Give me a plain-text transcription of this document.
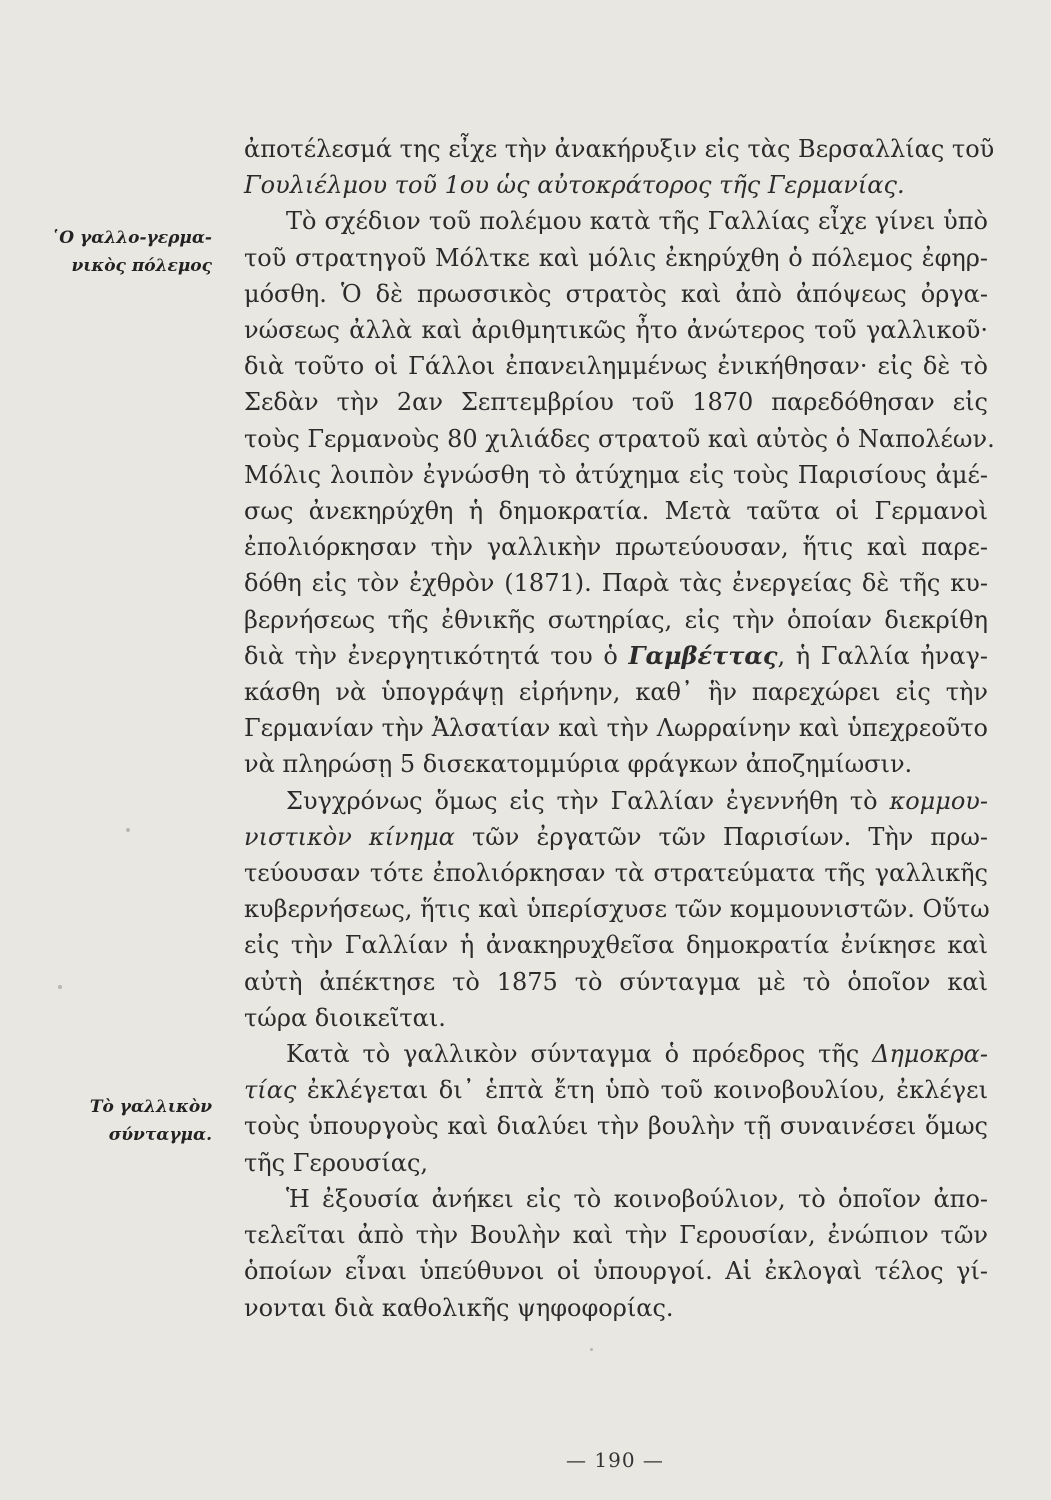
῾Ο γαλλο-γερμα-
νικὸς πόλεμος
Τὸ γαλλικὸν
σύνταγμα.
ἀποτέλεσμά της εἶχε τὴν ἀνακήρυξιν εἰς τὰς Βερσαλλίας τοῦ
Γουλιέλμου τοῦ 1ου ὡς αὐτοκράτορος τῆς Γερμανίας.
Τὸ σχέδιον τοῦ πολέμου κατὰ τῆς Γαλλίας εἶχε γίνει ὑπὸ
τοῦ στρατηγοῦ Μόλτκε καὶ μόλις ἐκηρύχθη ὁ πόλεμος ἐφηρ-
μόσθη. Ὁ δὲ πρωσσικὸς στρατὸς καὶ ἀπὸ ἀπόψεως ὀργα-
νώσεως ἀλλὰ καὶ ἀριθμητικῶς ἦτο ἀνώτερος τοῦ γαλλικοῦ·
διὰ τοῦτο οἱ Γάλλοι ἐπανειλημμένως ἐνικήθησαν· εἰς δὲ τὸ
Σεδὰν τὴν 2αν Σεπτεμβρίου τοῦ 1870 παρεδόθησαν εἰς
τοὺς Γερμανοὺς 80 χιλιάδες στρατοῦ καὶ αὐτὸς ὁ Ναπολέων.
Μόλις λοιπὸν ἐγνώσθη τὸ ἀτύχημα εἰς τοὺς Παρισίους ἀμέ-
σως ἀνεκηρύχθη ἡ δημοκρατία. Μετὰ ταῦτα οἱ Γερμανοὶ
ἐπολιόρκησαν τὴν γαλλικὴν πρωτεύουσαν, ἥτις καὶ παρε-
δόθη εἰς τὸν ἐχθρὸν (1871). Παρὰ τὰς ἐνεργείας δὲ τῆς κυ-
βερνήσεως τῆς ἐθνικῆς σωτηρίας, εἰς τὴν ὁποίαν διεκρίθη
διὰ τὴν ἐνεργητικότητά του ὁ Γαμβέττας, ἡ Γαλλία ἠναγ-
κάσθη νὰ ὑπογράψῃ εἰρήνην, καθ᾿ ἣν παρεχώρει εἰς τὴν
Γερμανίαν τὴν Ἀλσατίαν καὶ τὴν Λωρραίνην καὶ ὑπεχρεοῦτο
νὰ πληρώσῃ 5 δισεκατομμύρια φράγκων ἀποζημίωσιν.
Συγχρόνως ὅμως εἰς τὴν Γαλλίαν ἐγεννήθη τὸ κομμου-
νιστικὸν κίνημα τῶν ἐργατῶν τῶν Παρισίων. Τὴν πρω-
τεύουσαν τότε ἐπολιόρκησαν τὰ στρατεύματα τῆς γαλλικῆς
κυβερνήσεως, ἥτις καὶ ὑπερίσχυσε τῶν κομμουνιστῶν. Οὕτω
εἰς τὴν Γαλλίαν ἡ ἀνακηρυχθεῖσα δημοκρατία ἐνίκησε καὶ
αὐτὴ ἀπέκτησε τὸ 1875 τὸ σύνταγμα μὲ τὸ ὁποῖον καὶ
τώρα διοικεῖται.
Κατὰ τὸ γαλλικὸν σύνταγμα ὁ πρόεδρος τῆς Δημοκρα-
τίας ἐκλέγεται δι᾿ ἑπτὰ ἔτη ὑπὸ τοῦ κοινοβουλίου, ἐκλέγει
τοὺς ὑπουργοὺς καὶ διαλύει τὴν βουλὴν τῇ συναινέσει ὅμως
τῆς Γερουσίας,
Ἡ ἐξουσία ἀνήκει εἰς τὸ κοινοβούλιον, τὸ ὁποῖον ἀπο-
τελεῖται ἀπὸ τὴν Βουλὴν καὶ τὴν Γερουσίαν, ἐνώπιον τῶν
ὁποίων εἶναι ὑπεύθυνοι οἱ ὑπουργοί. Αἱ ἐκλογαὶ τέλος γί-
νονται διὰ καθολικῆς ψηφοφορίας.
— 190 —
